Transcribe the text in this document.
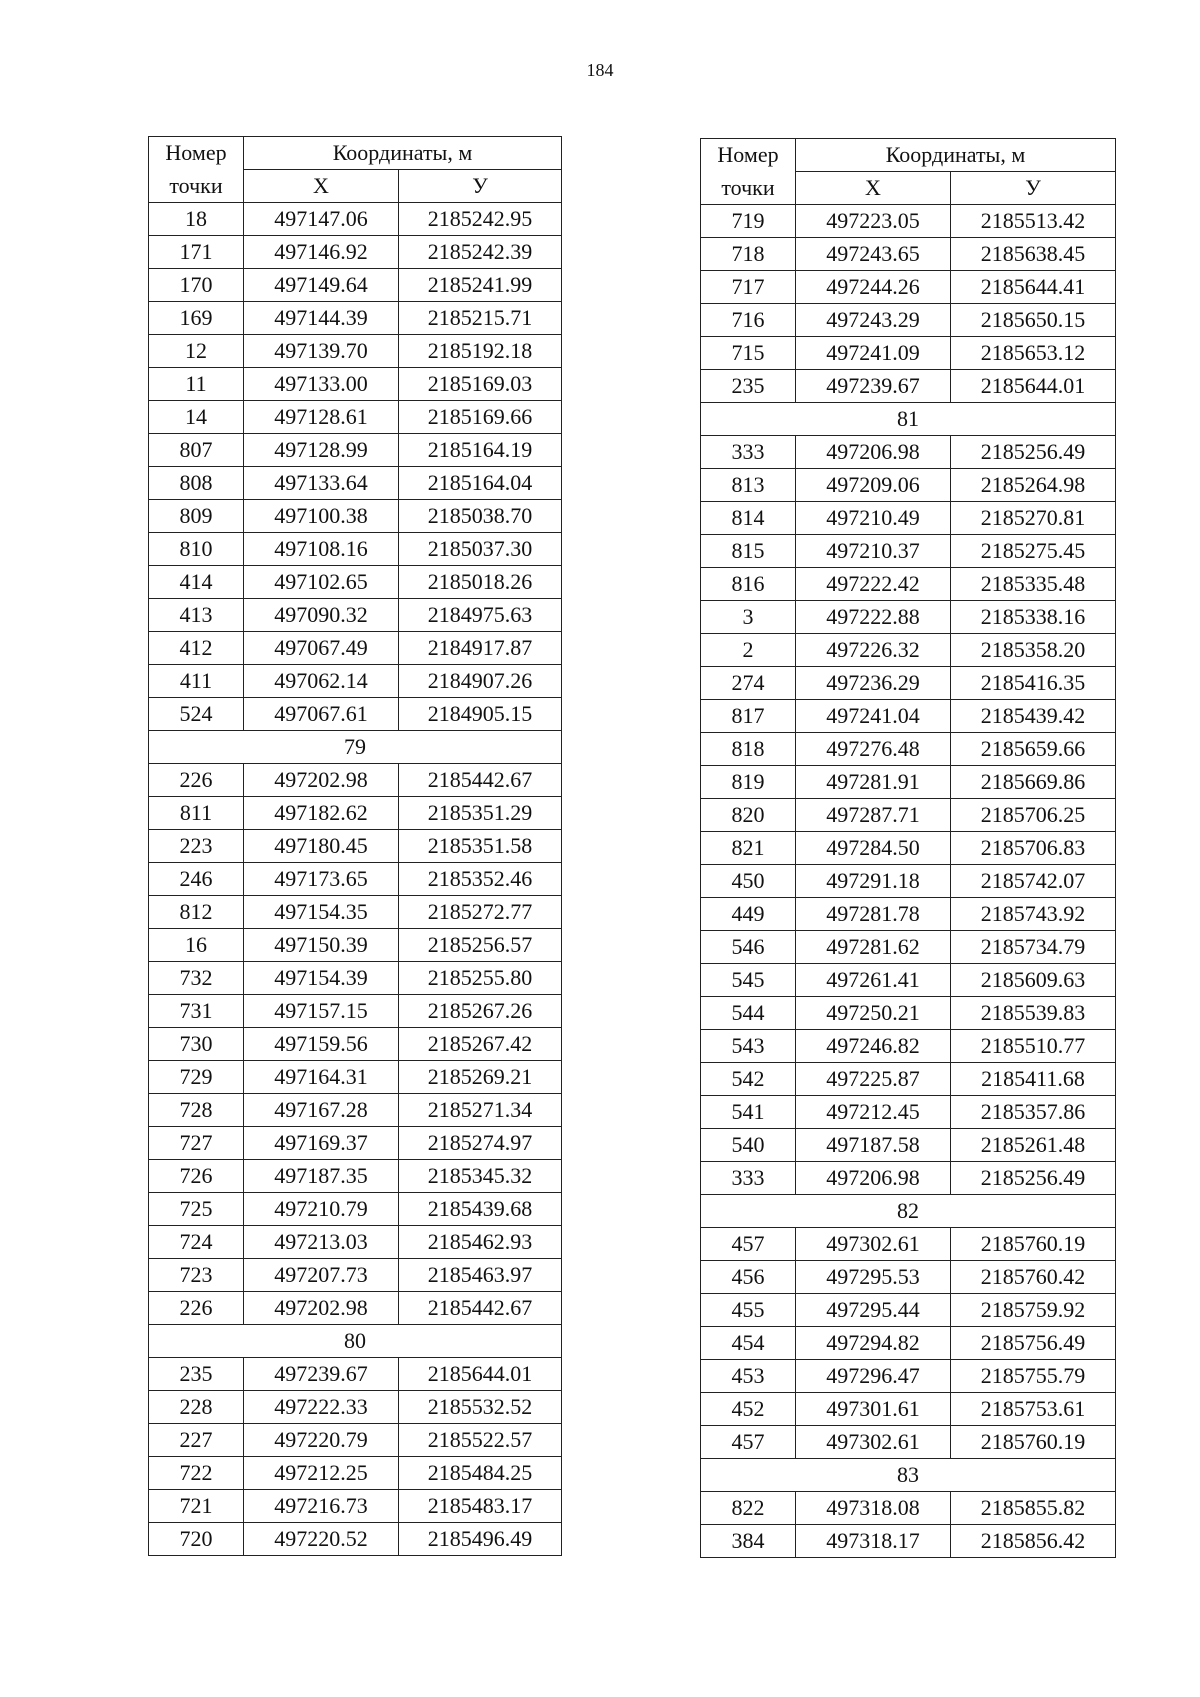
184
Номер	Координаты, м	
точки	Х	У
18	497147.06	2185242.95
171	497146.92	2185242.39
170	497149.64	2185241.99
169	497144.39	2185215.71
12	497139.70	2185192.18
11	497133.00	2185169.03
14	497128.61	2185169.66
807	497128.99	2185164.19
808	497133.64	2185164.04
809	497100.38	2185038.70
810	497108.16	2185037.30
414	497102.65	2185018.26
413	497090.32	2184975.63
412	497067.49	2184917.87
411	497062.14	2184907.26
524	497067.61	2184905.15
79		
226	497202.98	2185442.67
811	497182.62	2185351.29
223	497180.45	2185351.58
246	497173.65	2185352.46
812	497154.35	2185272.77
16	497150.39	2185256.57
732	497154.39	2185255.80
731	497157.15	2185267.26
730	497159.56	2185267.42
729	497164.31	2185269.21
728	497167.28	2185271.34
727	497169.37	2185274.97
726	497187.35	2185345.32
725	497210.79	2185439.68
724	497213.03	2185462.93
723	497207.73	2185463.97
226	497202.98	2185442.67
80		
235	497239.67	2185644.01
228	497222.33	2185532.52
227	497220.79	2185522.57
722	497212.25	2185484.25
721	497216.73	2185483.17
720	497220.52	2185496.49
Номер	Координаты, м	
точки	Х	У
719	497223.05	2185513.42
718	497243.65	2185638.45
717	497244.26	2185644.41
716	497243.29	2185650.15
715	497241.09	2185653.12
235	497239.67	2185644.01
81		
333	497206.98	2185256.49
813	497209.06	2185264.98
814	497210.49	2185270.81
815	497210.37	2185275.45
816	497222.42	2185335.48
3	497222.88	2185338.16
2	497226.32	2185358.20
274	497236.29	2185416.35
817	497241.04	2185439.42
818	497276.48	2185659.66
819	497281.91	2185669.86
820	497287.71	2185706.25
821	497284.50	2185706.83
450	497291.18	2185742.07
449	497281.78	2185743.92
546	497281.62	2185734.79
545	497261.41	2185609.63
544	497250.21	2185539.83
543	497246.82	2185510.77
542	497225.87	2185411.68
541	497212.45	2185357.86
540	497187.58	2185261.48
333	497206.98	2185256.49
82		
457	497302.61	2185760.19
456	497295.53	2185760.42
455	497295.44	2185759.92
454	497294.82	2185756.49
453	497296.47	2185755.79
452	497301.61	2185753.61
457	497302.61	2185760.19
83		
822	497318.08	2185855.82
384	497318.17	2185856.42
